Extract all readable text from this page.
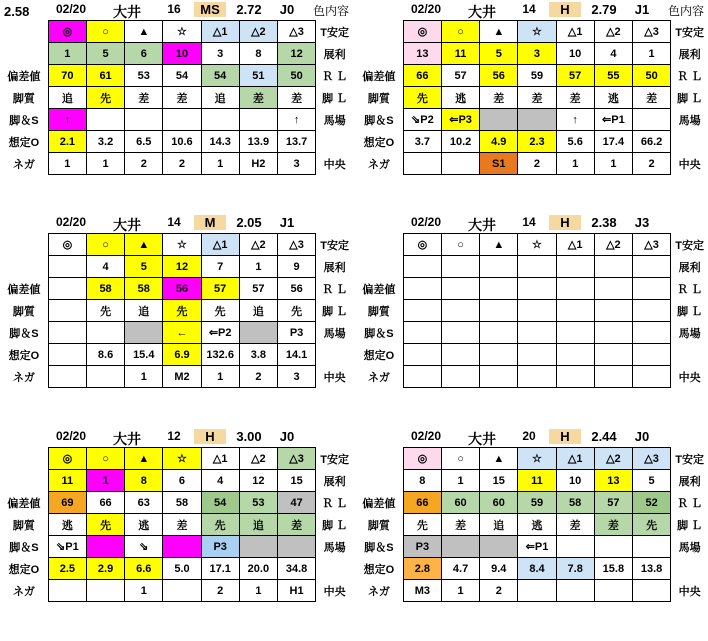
2.58	02/20	大井	16	MS	2.72	J0	色内容
	◎	○	▲	☆	△1	△2	△3	T安定
	1	5	6	10	3	8	12	展利
偏差値	70	61	53	54	54	51	50	Ｒ Ｌ
脚質	追	先	差	差	追	差	差	脚 Ｌ
脚＆S	↑						↑	馬場
想定O	2.1	3.2	6.5	10.6	14.3	13.9	13.7	
ネガ	1	1	2	2	1	H2	3	中央
02/20	大井	14	H	2.79	J1	色内容
	◎	○	▲	☆	△1	△2	△3	T安定
	13	11	5	3	10	4	1	展利
偏差値	66	57	56	59	57	55	50	Ｒ Ｌ
脚質	先	逃	差	差	差	逃	差	脚 Ｌ
脚＆S	⇘P2	⇐P3			↑	⇐P1		馬場
想定O	3.7	10.2	4.9	2.3	5.6	17.4	66.2	
ネガ			S1	2	1	1	2	中央
02/20	大井	14	M	2.05	J1
	◎	○	▲	☆	△1	△2	△3	T安定
		4	5	12	7	1	9	展利
偏差値		58	58	56	57	57	56	Ｒ Ｌ
脚質		先	追	先	先	追	先	脚 Ｌ
脚＆S				←	⇐P2		P3	馬場
想定O		8.6	15.4	6.9	132.6	3.8	14.1	
ネガ			1	M2	1	2	3	中央
02/20	大井	14	H	2.38	J3
	◎	○	▲	☆	△1	△2	△3	T安定
								展利
偏差値								Ｒ Ｌ
脚質								脚 Ｌ
脚＆S								馬場
想定O								
ネガ								中央
02/20	大井	12	H	3.00	J0
	◎	○	▲	☆	△1	△2	△3	T安定
	11	1	8	6	4	12	15	展利
偏差値	69	66	63	58	54	53	47	Ｒ Ｌ
脚質	逃	先	逃	差	先	追	差	脚 Ｌ
脚＆S	⇘P1		⇘		P3			馬場
想定O	2.5	2.9	6.6	5.0	17.1	20.0	34.8	
ネガ			1		2	1	H1	中央
02/20	大井	20	H	2.44	J0
	◎	○	▲	☆	△1	△2	△3	T安定
	8	1	15	11	10	13	5	展利
偏差値	66	60	60	59	58	57	52	Ｒ Ｌ
脚質	先	差	追	逃	差	差	先	脚 Ｌ
脚＆S	P3			⇐P1				馬場
想定O	2.8	4.7	9.4	8.4	7.8	15.8	13.8	
ネガ	M3	1	2					中央
